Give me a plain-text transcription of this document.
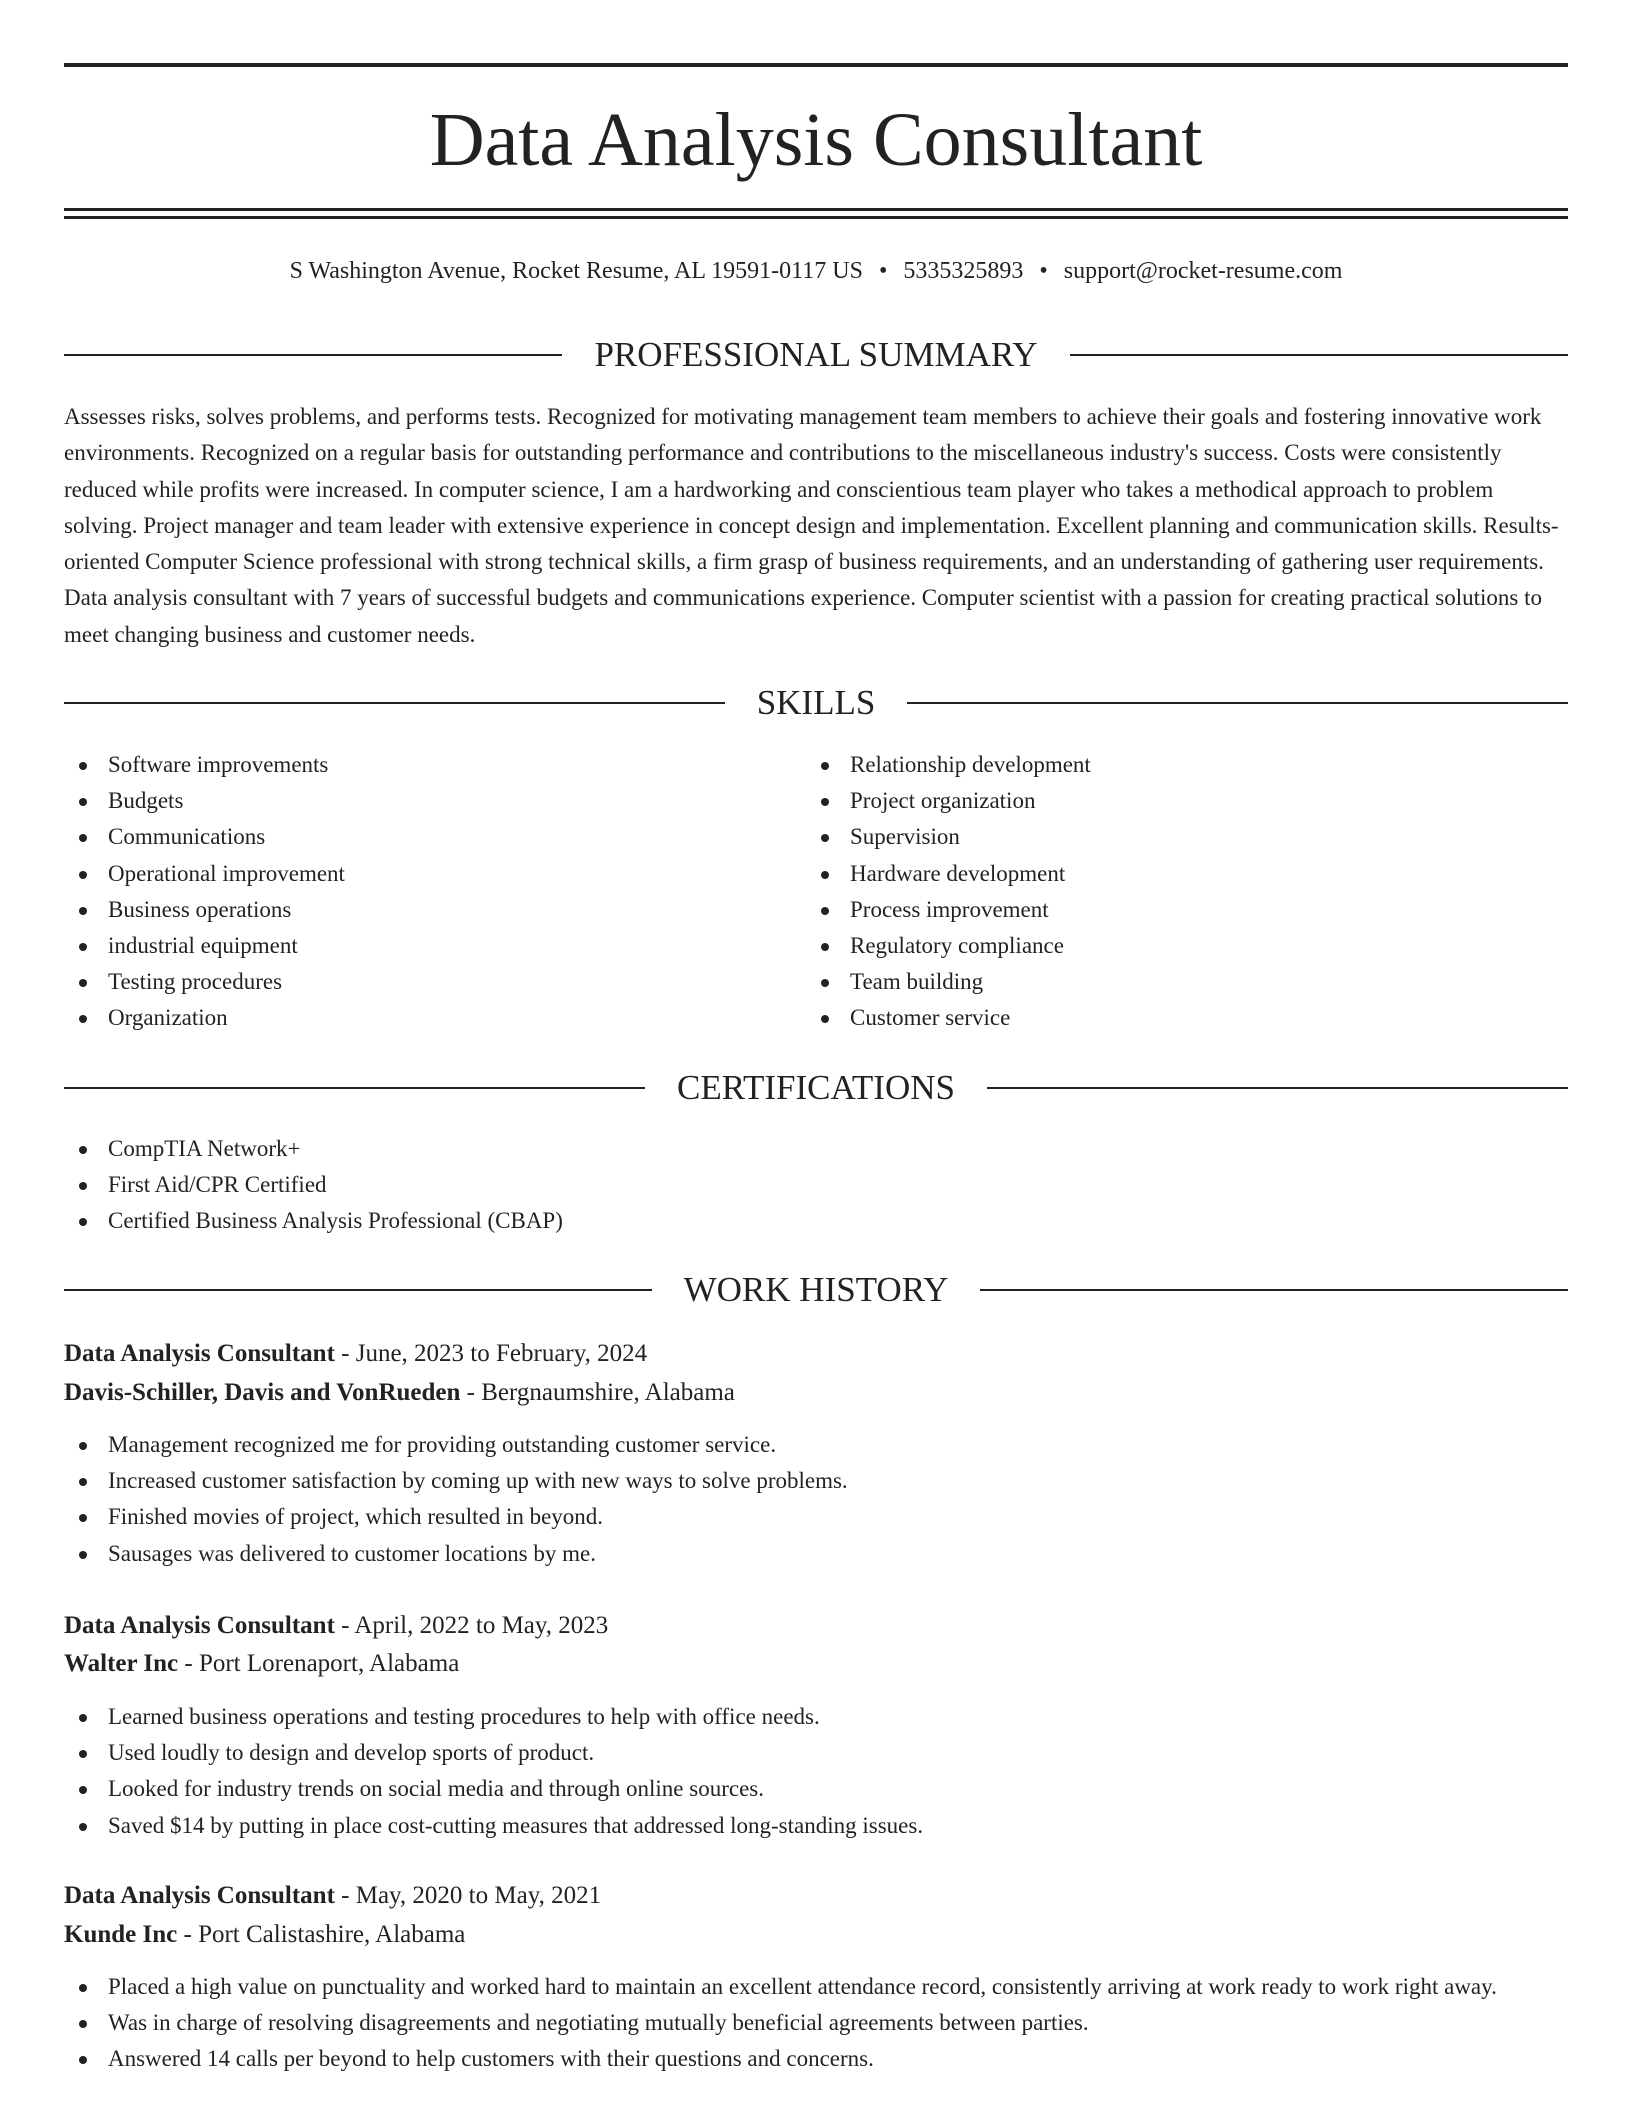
Data Analysis Consultant
S Washington Avenue, Rocket Resume, AL 19591-0117 US • 5335325893 • support@rocket-resume.com
PROFESSIONAL SUMMARY

Assesses risks, solves problems, and performs tests. Recognized for motivating management team members to achieve their goals and fostering innovative work environments. Recognized on a regular basis for outstanding performance and contributions to the miscellaneous industry's success. Costs were consistently reduced while profits were increased. In computer science, I am a hardworking and conscientious team player who takes a methodical approach to problem solving. Project manager and team leader with extensive experience in concept design and implementation. Excellent planning and communication skills. Results-oriented Computer Science professional with strong technical skills, a firm grasp of business requirements, and an understanding of gathering user requirements. Data analysis consultant with 7 years of successful budgets and communications experience. Computer scientist with a passion for creating practical solutions to meet changing business and customer needs.

SKILLS
Software improvements
Budgets
Communications
Operational improvement
Business operations
industrial equipment
Testing procedures
Organization
Relationship development
Project organization
Supervision
Hardware development
Process improvement
Regulatory compliance
Team building
Customer service
CERTIFICATIONS
CompTIA Network+
First Aid/CPR Certified
Certified Business Analysis Professional (CBAP)
WORK HISTORY
Data Analysis Consultant - June, 2023 to February, 2024
Davis-Schiller, Davis and VonRueden - Bergnaumshire, Alabama
Management recognized me for providing outstanding customer service.
Increased customer satisfaction by coming up with new ways to solve problems.
Finished movies of project, which resulted in beyond.
Sausages was delivered to customer locations by me.
Data Analysis Consultant - April, 2022 to May, 2023
Walter Inc - Port Lorenaport, Alabama
Learned business operations and testing procedures to help with office needs.
Used loudly to design and develop sports of product.
Looked for industry trends on social media and through online sources.
Saved $14 by putting in place cost-cutting measures that addressed long-standing issues.
Data Analysis Consultant - May, 2020 to May, 2021
Kunde Inc - Port Calistashire, Alabama
Placed a high value on punctuality and worked hard to maintain an excellent attendance record, consistently arriving at work ready to work right away.
Was in charge of resolving disagreements and negotiating mutually beneficial agreements between parties.
Answered 14 calls per beyond to help customers with their questions and concerns.
